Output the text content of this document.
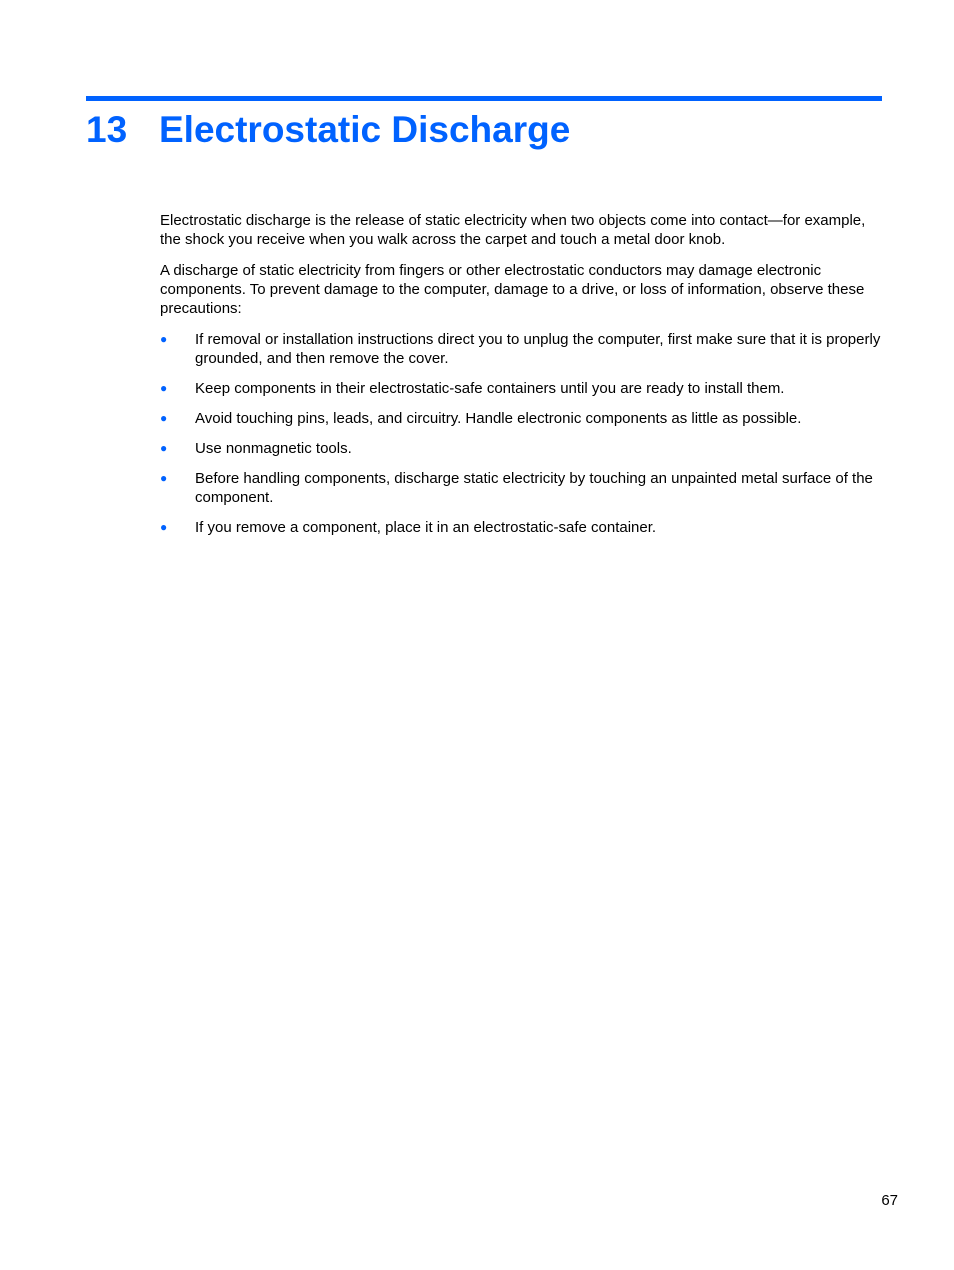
13 Electrostatic Discharge

Electrostatic discharge is the release of static electricity when two objects come into contact—for example, the shock you receive when you walk across the carpet and touch a metal door knob.

A discharge of static electricity from fingers or other electrostatic conductors may damage electronic components. To prevent damage to the computer, damage to a drive, or loss of information, observe these precautions:

● If removal or installation instructions direct you to unplug the computer, first make sure that it is properly grounded, and then remove the cover.
● Keep components in their electrostatic-safe containers until you are ready to install them.
● Avoid touching pins, leads, and circuitry. Handle electronic components as little as possible.
● Use nonmagnetic tools.
● Before handling components, discharge static electricity by touching an unpainted metal surface of the component.
● If you remove a component, place it in an electrostatic-safe container.
67
